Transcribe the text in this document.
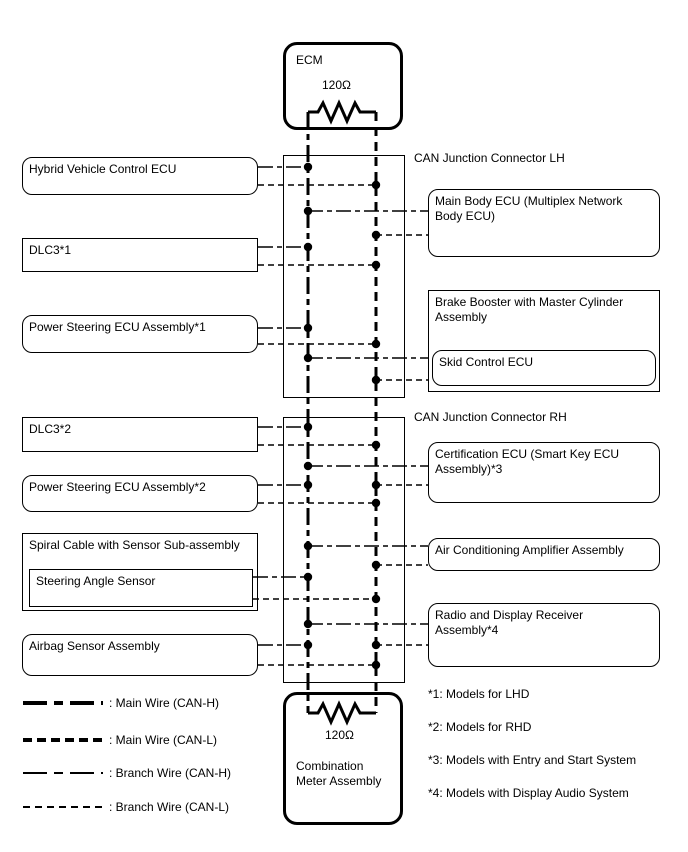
ECM
120Ω
CAN Junction Connector LH
CAN Junction Connector RH
Hybrid Vehicle Control ECU
DLC3*1
Power Steering ECU Assembly*1
DLC3*2
Power Steering ECU Assembly*2
Spiral Cable with Sensor Sub-assembly
Steering Angle Sensor
Airbag Sensor Assembly
Main Body ECU (Multiplex Network Body ECU)
Brake Booster with Master Cylinder Assembly
Skid Control ECU
Certification ECU (Smart Key ECU Assembly)*3
Air Conditioning Amplifier Assembly
Radio and Display Receiver Assembly*4
Combination Meter Assembly
120Ω
: Main Wire (CAN-H)
: Main Wire (CAN-L)
: Branch Wire (CAN-H)
: Branch Wire (CAN-L)
*1: Models for LHD
*2: Models for RHD
*3: Models with Entry and Start System
*4: Models with Display Audio System
